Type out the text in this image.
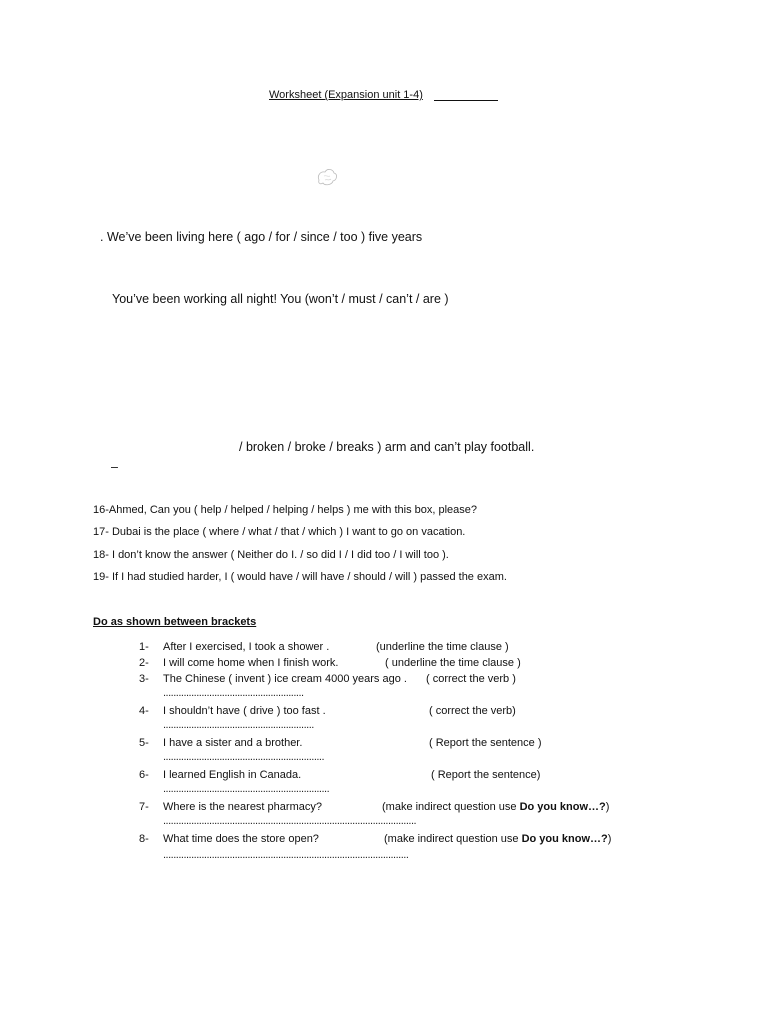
Worksheet (Expansion unit 1-4)
. We’ve been living here ( ago / for / since / too ) five years
You’ve been working all night! You (won’t / must / can’t / are )
/ broken / broke / breaks ) arm and can’t play football.
–
16-Ahmed, Can you ( help / helped / helping / helps ) me with this box, please?
17- Dubai is the place ( where / what / that / which ) I want to go on vacation.
18- I don’t know the answer ( Neither do I. / so did I / I did too / I will too ).
19- If I had studied harder, I ( would have / will have / should / will ) passed the exam.
Do as shown between brackets
1- After I exercised, I took a shower .	(underline the time clause )
2- I will come home when I finish work.	( underline the time clause )
3- The Chinese ( invent ) ice cream 4000 years ago . ( correct the verb )
.......................................................
4- I shouldn’t have ( drive ) too fast .	( correct the verb)
...........................................................
5- I have a sister and a brother.	( Report the sentence )
...............................................................
6- I learned English in Canada.	( Report the sentence)
.................................................................
7- Where is the nearest pharmacy?	(make indirect question use Do you know…?)
...................................................................................................
8- What time does the store open?	(make indirect question use Do you know…?)
................................................................................................
